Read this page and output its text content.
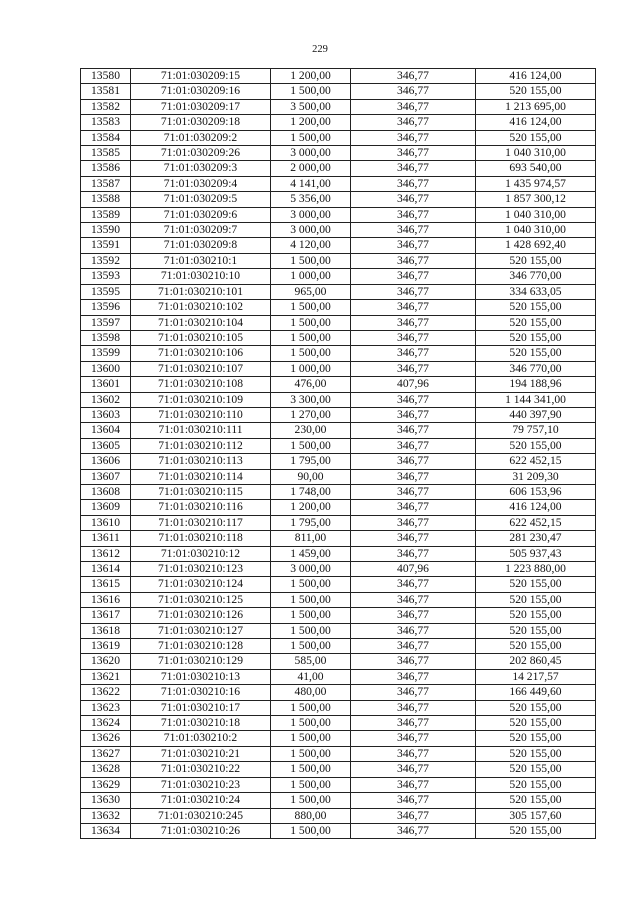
229
13580	71:01:030209:15	1 200,00	346,77	416 124,00
13581	71:01:030209:16	1 500,00	346,77	520 155,00
13582	71:01:030209:17	3 500,00	346,77	1 213 695,00
13583	71:01:030209:18	1 200,00	346,77	416 124,00
13584	71:01:030209:2	1 500,00	346,77	520 155,00
13585	71:01:030209:26	3 000,00	346,77	1 040 310,00
13586	71:01:030209:3	2 000,00	346,77	693 540,00
13587	71:01:030209:4	4 141,00	346,77	1 435 974,57
13588	71:01:030209:5	5 356,00	346,77	1 857 300,12
13589	71:01:030209:6	3 000,00	346,77	1 040 310,00
13590	71:01:030209:7	3 000,00	346,77	1 040 310,00
13591	71:01:030209:8	4 120,00	346,77	1 428 692,40
13592	71:01:030210:1	1 500,00	346,77	520 155,00
13593	71:01:030210:10	1 000,00	346,77	346 770,00
13595	71:01:030210:101	965,00	346,77	334 633,05
13596	71:01:030210:102	1 500,00	346,77	520 155,00
13597	71:01:030210:104	1 500,00	346,77	520 155,00
13598	71:01:030210:105	1 500,00	346,77	520 155,00
13599	71:01:030210:106	1 500,00	346,77	520 155,00
13600	71:01:030210:107	1 000,00	346,77	346 770,00
13601	71:01:030210:108	476,00	407,96	194 188,96
13602	71:01:030210:109	3 300,00	346,77	1 144 341,00
13603	71:01:030210:110	1 270,00	346,77	440 397,90
13604	71:01:030210:111	230,00	346,77	79 757,10
13605	71:01:030210:112	1 500,00	346,77	520 155,00
13606	71:01:030210:113	1 795,00	346,77	622 452,15
13607	71:01:030210:114	90,00	346,77	31 209,30
13608	71:01:030210:115	1 748,00	346,77	606 153,96
13609	71:01:030210:116	1 200,00	346,77	416 124,00
13610	71:01:030210:117	1 795,00	346,77	622 452,15
13611	71:01:030210:118	811,00	346,77	281 230,47
13612	71:01:030210:12	1 459,00	346,77	505 937,43
13614	71:01:030210:123	3 000,00	407,96	1 223 880,00
13615	71:01:030210:124	1 500,00	346,77	520 155,00
13616	71:01:030210:125	1 500,00	346,77	520 155,00
13617	71:01:030210:126	1 500,00	346,77	520 155,00
13618	71:01:030210:127	1 500,00	346,77	520 155,00
13619	71:01:030210:128	1 500,00	346,77	520 155,00
13620	71:01:030210:129	585,00	346,77	202 860,45
13621	71:01:030210:13	41,00	346,77	14 217,57
13622	71:01:030210:16	480,00	346,77	166 449,60
13623	71:01:030210:17	1 500,00	346,77	520 155,00
13624	71:01:030210:18	1 500,00	346,77	520 155,00
13626	71:01:030210:2	1 500,00	346,77	520 155,00
13627	71:01:030210:21	1 500,00	346,77	520 155,00
13628	71:01:030210:22	1 500,00	346,77	520 155,00
13629	71:01:030210:23	1 500,00	346,77	520 155,00
13630	71:01:030210:24	1 500,00	346,77	520 155,00
13632	71:01:030210:245	880,00	346,77	305 157,60
13634	71:01:030210:26	1 500,00	346,77	520 155,00
